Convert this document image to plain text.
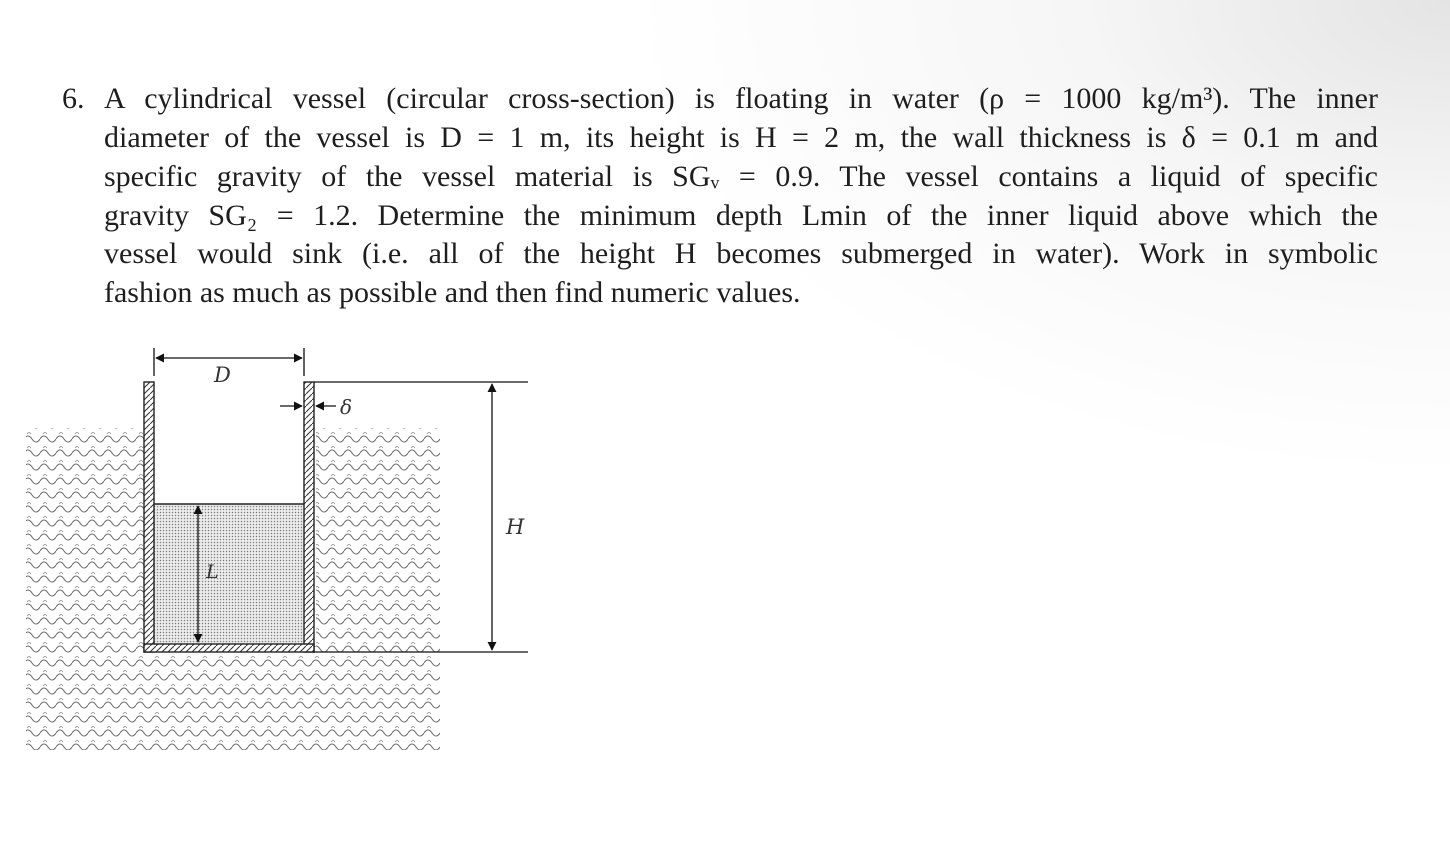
6. A cylindrical vessel (circular cross-section) is floating in water (ρ = 1000 kg/m³). The inner
diameter of the vessel is D = 1 m, its height is H = 2 m, the wall thickness is δ = 0.1 m and
specific gravity of the vessel material is SGᵥ = 0.9. The vessel contains a liquid of specific
gravity SG₂ = 1.2. Determine the minimum depth Lmin of the inner liquid above which the
vessel would sink (i.e. all of the height H becomes submerged in water). Work in symbolic
fashion as much as possible and then find numeric values.
D
δ
H
L
